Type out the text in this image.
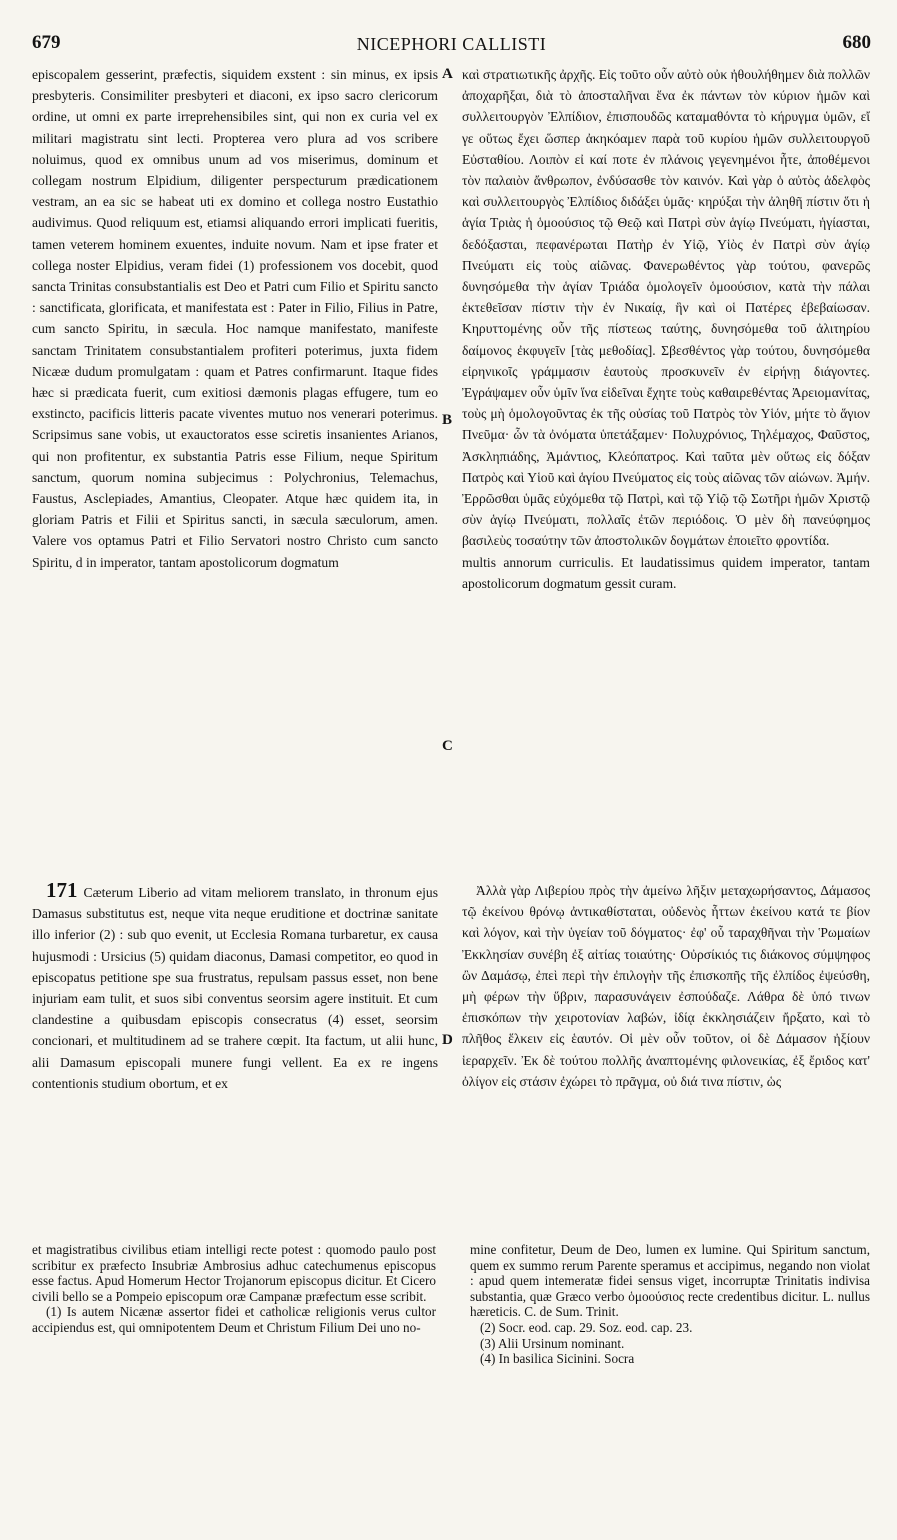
679	NICEPHORI CALLISTI	680
A
B
C
D

episcopalem gesserint, præfectis, siquidem exstent : sin minus, ex ipsis presbyteris. Consimiliter presbyteri et diaconi, ex ipso sacro clericorum ordine, ut omni ex parte irreprehensibiles sint, qui non ex curia vel ex militari magistratu sint lecti. Propterea vero plura ad vos scribere noluimus, quod ex omnibus unum ad vos miserimus, dominum et collegam nostrum Elpidium, diligenter perspecturum prædicationem vestram, an ea sic se habeat uti ex domino et collega nostro Eustathio audivimus. Quod reliquum est, etiamsi aliquando errori implicati fueritis, tamen veterem hominem exuentes, induite novum. Nam et ipse frater et collega noster Elpidius, veram fidei (1) professionem vos docebit, quod sancta Trinitas consubstantialis est Deo et Patri cum Filio et Spiritu sancto : sanctificata, glorificata, et manifestata est : Pater in Filio, Filius in Patre, cum sancto Spiritu, in sæcula. Hoc namque manifestato, manifeste sanctam Trinitatem consubstantialem profiteri poterimus, juxta fidem Nicææ dudum promulgatam : quam et Patres confirmarunt. Itaque fides hæc si prædicata fuerit, cum exitiosi dæmonis plagas effugere, tum eo exstincto, pacificis litteris pacate viventes mutuo nos venerari poterimus. Scripsimus sane vobis, ut exauctoratos esse sciretis insanientes Arianos, qui non profitentur, ex substantia Patris esse Filium, neque Spiritum sanctum, quorum nomina subjecimus : Polychronius, Telemachus, Faustus, Asclepiades, Amantius, Cleopater. Atque hæc quidem ita, in gloriam Patris et Filii et Spiritus sancti, in sæcula sæculorum, amen. Valere vos optamus Patri et Filio Servatori nostro Christo cum sancto Spiritu, d in imperator, tantam apostolicorum dogmatum

καὶ στρατιωτικῆς ἀρχῆς. Εἰς τοῦτο οὖν αὐτὸ οὐκ ἠθουλήθημεν διὰ πολλῶν ἀποχαρῆξαι, διὰ τὸ ἀποσταλῆναι ἕνα ἐκ πάντων τὸν κύριον ἡμῶν καὶ συλλειτουργὸν Ἐλπίδιον, ἐπισπουδῶς καταμαθόντα τὸ κήρυγμα ὑμῶν, εἴ γε οὕτως ἔχει ὥσπερ ἀκηκόαμεν παρὰ τοῦ κυρίου ἡμῶν συλλειτουργοῦ Εὐσταθίου. Λοιπὸν εἰ καί ποτε ἐν πλάνοις γεγενημένοι ἦτε, ἀποθέμενοι τὸν παλαιὸν ἄνθρωπον, ἐνδύσασθε τὸν καινόν. Καὶ γὰρ ὁ αὐτὸς ἀδελφὸς καὶ συλλειτουργὸς Ἐλπίδιος διδάξει ὑμᾶς· κηρύξαι τὴν ἀληθῆ πίστιν ὅτι ἡ ἁγία Τριὰς ἡ ὁμοούσιος τῷ Θεῷ καὶ Πατρὶ σὺν ἁγίῳ Πνεύματι, ἡγίασται, δεδόξασται, πεφανέρωται Πατὴρ ἐν Υἱῷ, Υἱὸς ἐν Πατρὶ σὺν ἁγίῳ Πνεύματι εἰς τοὺς αἰῶνας. Φανερωθέντος γὰρ τούτου, φανερῶς δυνησόμεθα τὴν ἁγίαν Τριάδα ὁμολογεῖν ὁμοούσιον, κατὰ τὴν πάλαι ἐκτεθεῖσαν πίστιν τὴν ἐν Νικαίᾳ, ἣν καὶ οἱ Πατέρες ἐβεβαίωσαν. Κηρυττομένης οὖν τῆς πίστεως ταύτης, δυνησόμεθα τοῦ ἀλιτηρίου δαίμονος ἐκφυγεῖν [τὰς μεθοδίας]. Σβεσθέντος γὰρ τούτου, δυνησόμεθα εἰρηνικοῖς γράμμασιν ἑαυτοὺς προσκυνεῖν ἐν εἰρήνῃ διάγοντες. Ἐγράψαμεν οὖν ὑμῖν ἵνα εἰδεῖναι ἔχητε τοὺς καθαιρεθέντας Ἀρειομανίτας, τοὺς μὴ ὁμολογοῦντας ἐκ τῆς οὐσίας τοῦ Πατρὸς τὸν Υἱόν, μήτε τὸ ἅγιον Πνεῦμα· ὧν τὰ ὀνόματα ὑπετάξαμεν· Πολυχρόνιος, Τηλέμαχος, Φαῦστος, Ἀσκληπιάδης, Ἀμάντιος, Κλεόπατρος. Καὶ ταῦτα μὲν οὕτως εἰς δόξαν Πατρὸς καὶ Υἱοῦ καὶ ἁγίου Πνεύματος εἰς τοὺς αἰῶνας τῶν αἰώνων. Ἀμήν. Ἐρρῶσθαι ὑμᾶς εὐχόμεθα τῷ Πατρὶ, καὶ τῷ Υἱῷ τῷ Σωτῆρι ἡμῶν Χριστῷ σὺν ἁγίῳ Πνεύματι, πολλαῖς ἐτῶν περιόδοις. Ὁ μὲν δὴ πανεύφημος βασιλεὺς τοσαύτην τῶν ἀποστολικῶν δογμάτων ἐποιεῖτο φροντίδα.

multis annorum curriculis. Et laudatissimus quidem imperator, tantam apostolicorum dogmatum gessit curam.

171 Cæterum Liberio ad vitam meliorem translato, in thronum ejus Damasus substitutus est, neque vita neque eruditione et doctrinæ sanitate illo inferior (2) : sub quo evenit, ut Ecclesia Romana turbaretur, ex causa hujusmodi : Ursicius (5) quidam diaconus, Damasi competitor, eo quod in episcopatus petitione spe sua frustratus, repulsam passus esset, non bene injuriam eam tulit, et suos sibi conventus seorsim agere instituit. Et cum clandestine a quibusdam episcopis consecratus (4) esset, seorsim concionari, et multitudinem ad se trahere cœpit. Ita factum, ut alii hunc, alii Damasum episcopali munere fungi vellent. Ea ex re ingens contentionis studium obortum, et ex

Ἀλλὰ γὰρ Λιβερίου πρὸς τὴν ἀμείνω λῆξιν μεταχωρήσαντος, Δάμασος τῷ ἐκείνου θρόνῳ ἀντικαθίσταται, οὐδενὸς ἧττων ἐκείνου κατά τε βίον καὶ λόγον, καὶ τὴν ὑγείαν τοῦ δόγματος· ἐφ' οὗ ταραχθῆναι τὴν Ῥωμαίων Ἐκκλησίαν συνέβη ἐξ αἰτίας τοιαύτης· Οὐρσίκιός τις διάκονος σύμψηφος ὢν Δαμάσῳ, ἐπεὶ περὶ τὴν ἐπιλογὴν τῆς ἐπισκοπῆς τῆς ἐλπίδος ἐψεύσθη, μὴ φέρων τὴν ὕβριν, παρασυνάγειν ἐσπούδαζε. Λάθρα δὲ ὑπό τινων ἐπισκόπων τὴν χειροτονίαν λαβών, ἰδίᾳ ἐκκλησιάζειν ἤρξατο, καὶ τὸ πλῆθος ἕλκειν εἰς ἑαυτόν. Οἱ μὲν οὖν τοῦτον, οἱ δὲ Δάμασον ἠξίουν ἱεραρχεῖν. Ἐκ δὲ τούτου πολλῆς ἀναπτομένης φιλονεικίας, ἐξ ἔριδος κατ' ὀλίγον εἰς στάσιν ἐχώρει τὸ πρᾶγμα, οὐ διά τινα πίστιν, ὡς

et magistratibus civilibus etiam intelligi recte potest : quomodo paulo post scribitur ex præfecto Insubriæ Ambrosius adhuc catechumenus episcopus esse factus. Apud Homerum Hector Trojanorum episcopus dicitur. Et Cicero civili bello se a Pompeio episcopum oræ Campanæ præfectum esse scribit.

(1) Is autem Nicænæ assertor fidei et catholicæ religionis verus cultor accipiendus est, qui omnipotentem Deum et Christum Filium Dei uno no-

mine confitetur, Deum de Deo, lumen ex lumine. Qui Spiritum sanctum, quem ex summo rerum Parente speramus et accipimus, negando non violat : apud quem intemeratæ fidei sensus viget, incorruptæ Trinitatis indivisa substantia, quæ Græco verbo ὁμοούσιος recte credentibus dicitur. L. nullus hæreticis. C. de Sum. Trinit.

(2) Socr. eod. cap. 29. Soz. eod. cap. 23.

(3) Alii Ursinum nominant.

(4) In basilica Sicinini. Socra
